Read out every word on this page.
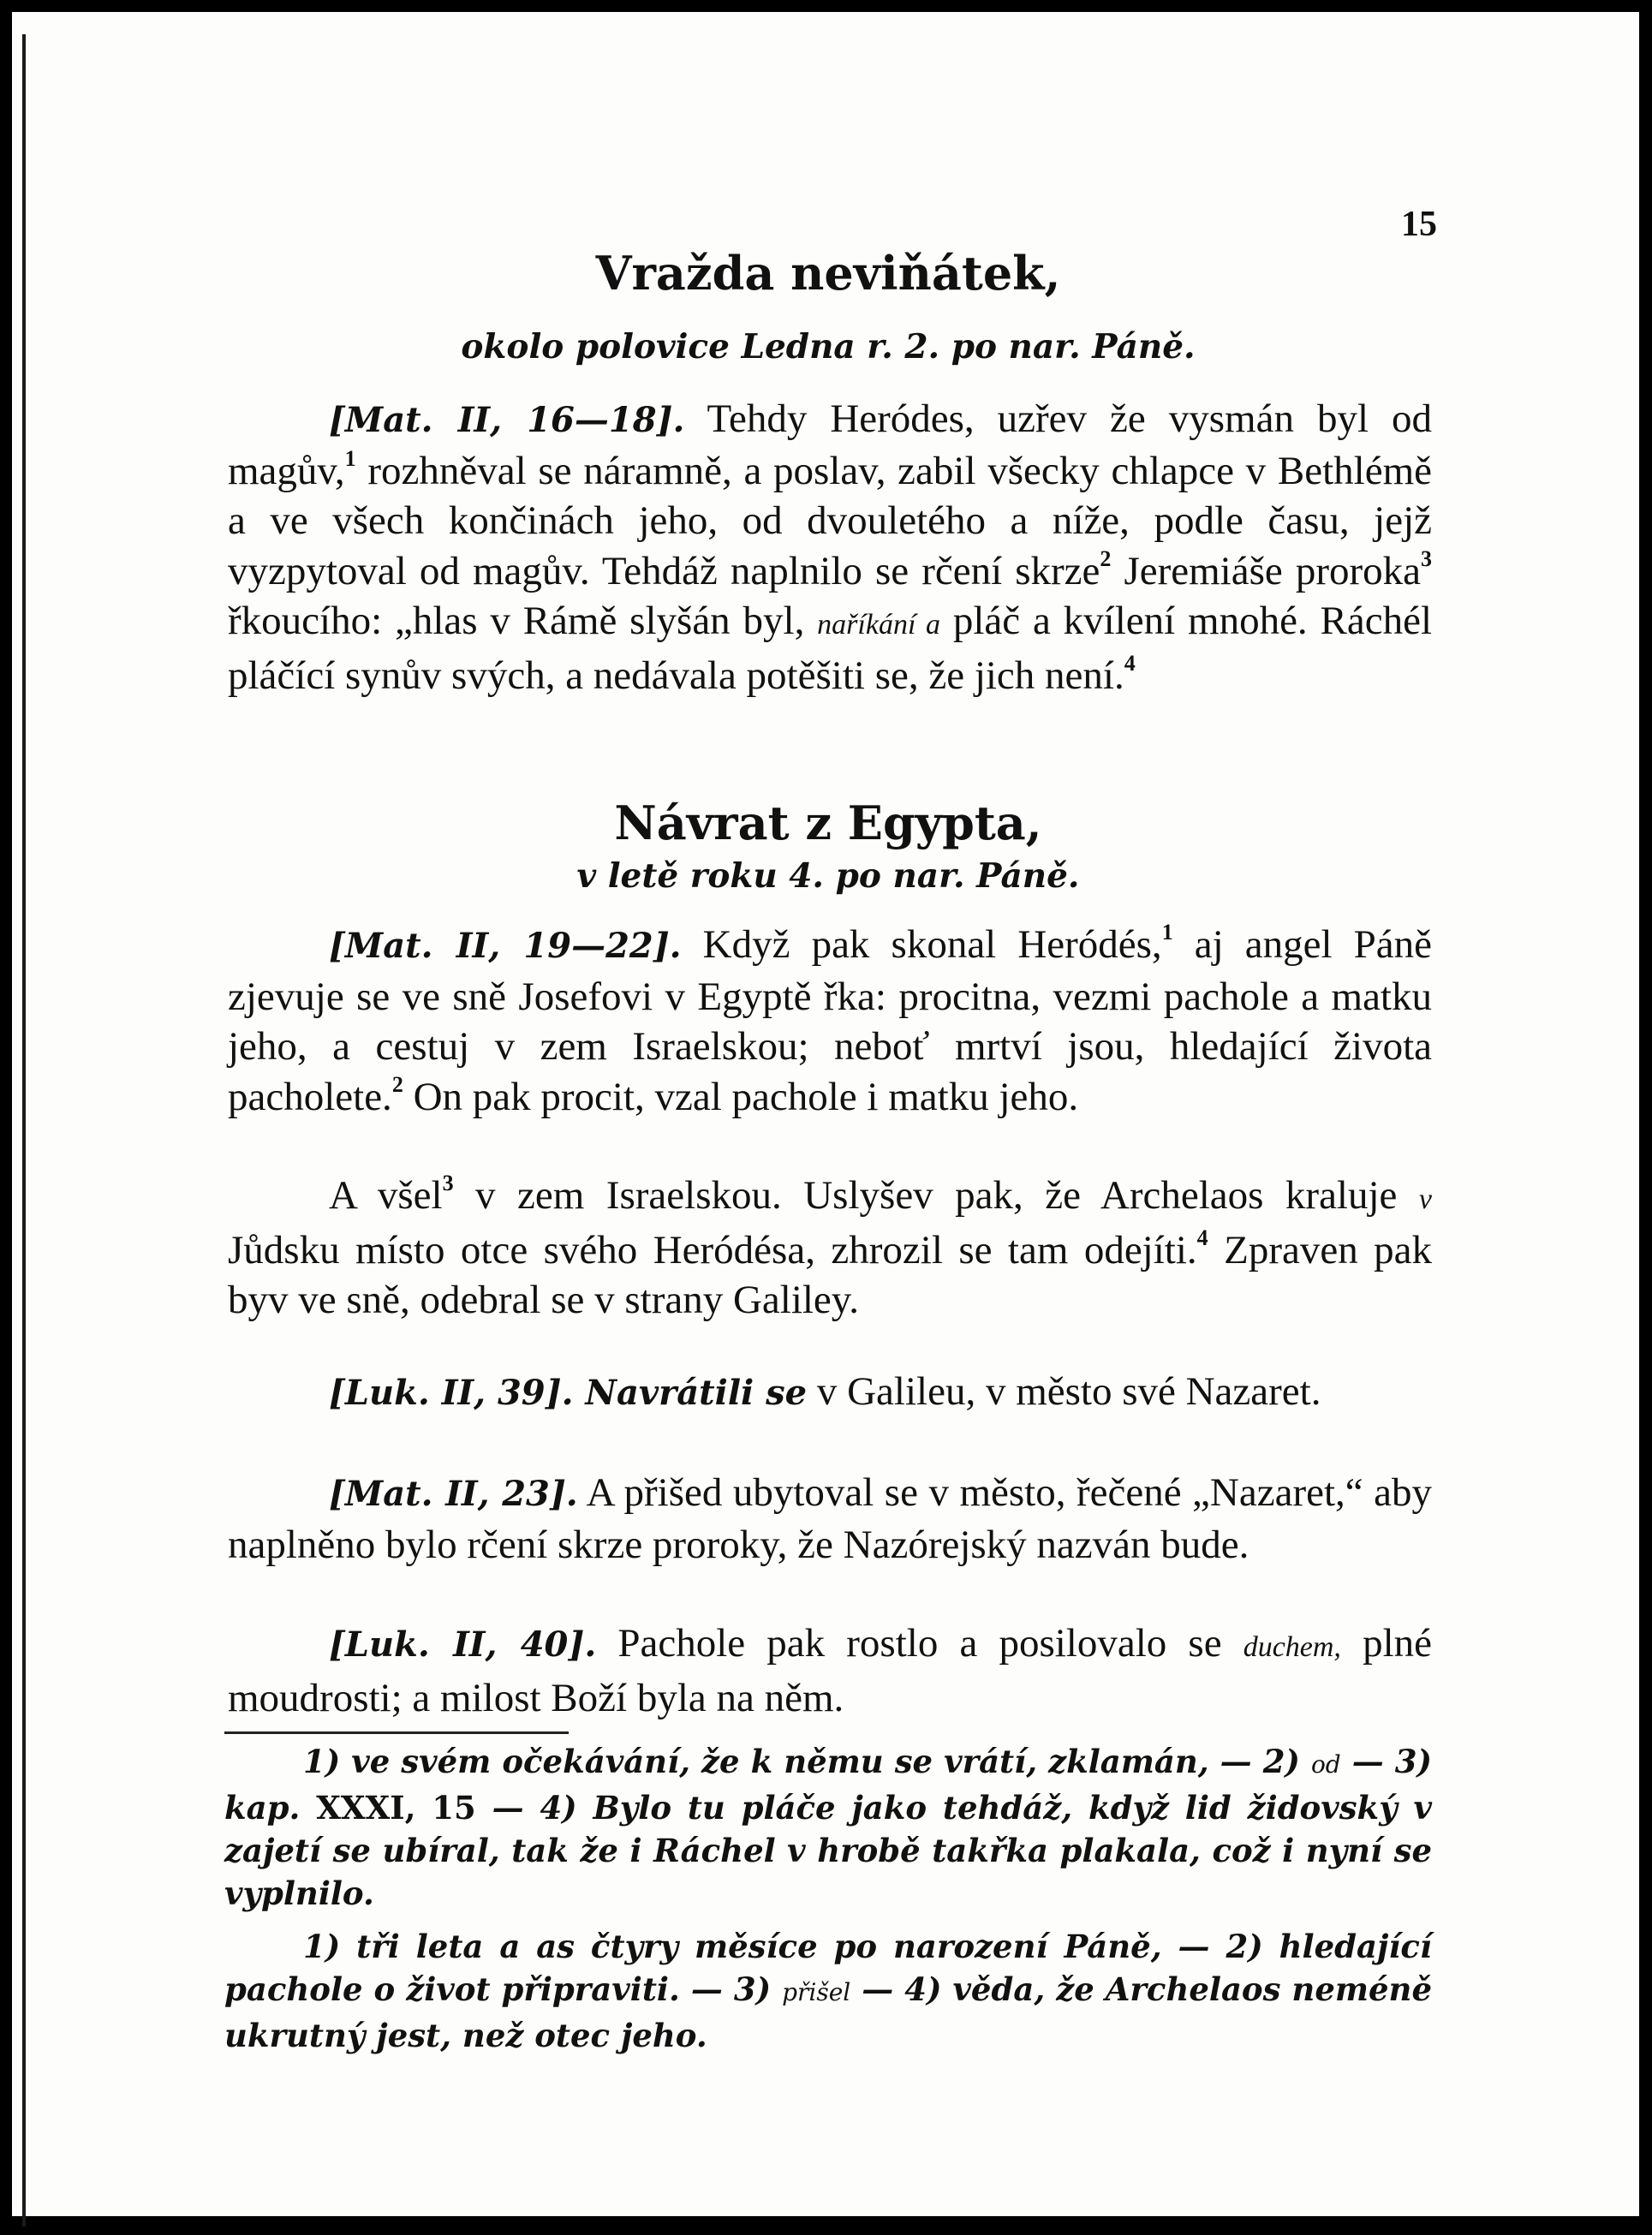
15
Vražda neviňátek,
okolo polovice Ledna r. 2. po nar. Páně.
[Mat. II, 16—18]. Tehdy Heródes, uzřev že vysmán byl od magův,$^1$ rozhněval se náramně, a poslav, zabil všecky chlapce v Bethlémě a ve všech končinách jeho, od dvouletého a níže, podle času, jejž vyzpytoval od magův. Tehdáž naplnilo se rčení skrze$^2$ Jeremiáše proroka$^3$ řkoucího: „hlas v Rámě slyšán byl, naříkání a pláč a kvílení mnohé. Ráchél pláčící synův svých, a nedávala potěšiti se, že jich není.$^4$
Návrat z Egypta,
v letě roku 4. po nar. Páně.
[Mat. II, 19—22]. Když pak skonal Heródés,$^1$ aj angel Páně zjevuje se ve sně Josefovi v Egyptě řka: procitna, vezmi pachole a matku jeho, a cestuj v zem Israelskou; neboť mrtví jsou, hledající života pacholete.$^2$ On pak procit, vzal pachole i matku jeho.
A všel$^3$ v zem Israelskou. Uslyšev pak, že Archelaos kraluje v Jůdsku místo otce svého Heródésa, zhrozil se tam odejíti.$^4$ Zpraven pak byv ve sně, odebral se v strany Galiley.
[Luk. II, 39]. Navrátili se v Galileu, v město své Nazaret.
[Mat. II, 23]. A přišed ubytoval se v město, řečené „Nazaret,“ aby naplněno bylo rčení skrze proroky, že Nazórejský nazván bude.
[Luk. II, 40]. Pachole pak rostlo a posilovalo se duchem, plné moudrosti; a milost Boží byla na něm.
1) ve svém očekávání, že k němu se vrátí, zklamán, — 2) od — 3) kap. XXXI, 15 — 4) Bylo tu pláče jako tehdáž, když lid židovský v zajetí se ubíral, tak že i Ráchel v hrobě takřka plakala, což i nyní se vyplnilo.
1) tři leta a as čtyry měsíce po narození Páně, — 2) hledající pachole o život připraviti. — 3) přišel — 4) věda, že Archelaos neméně ukrutný jest, než otec jeho.
